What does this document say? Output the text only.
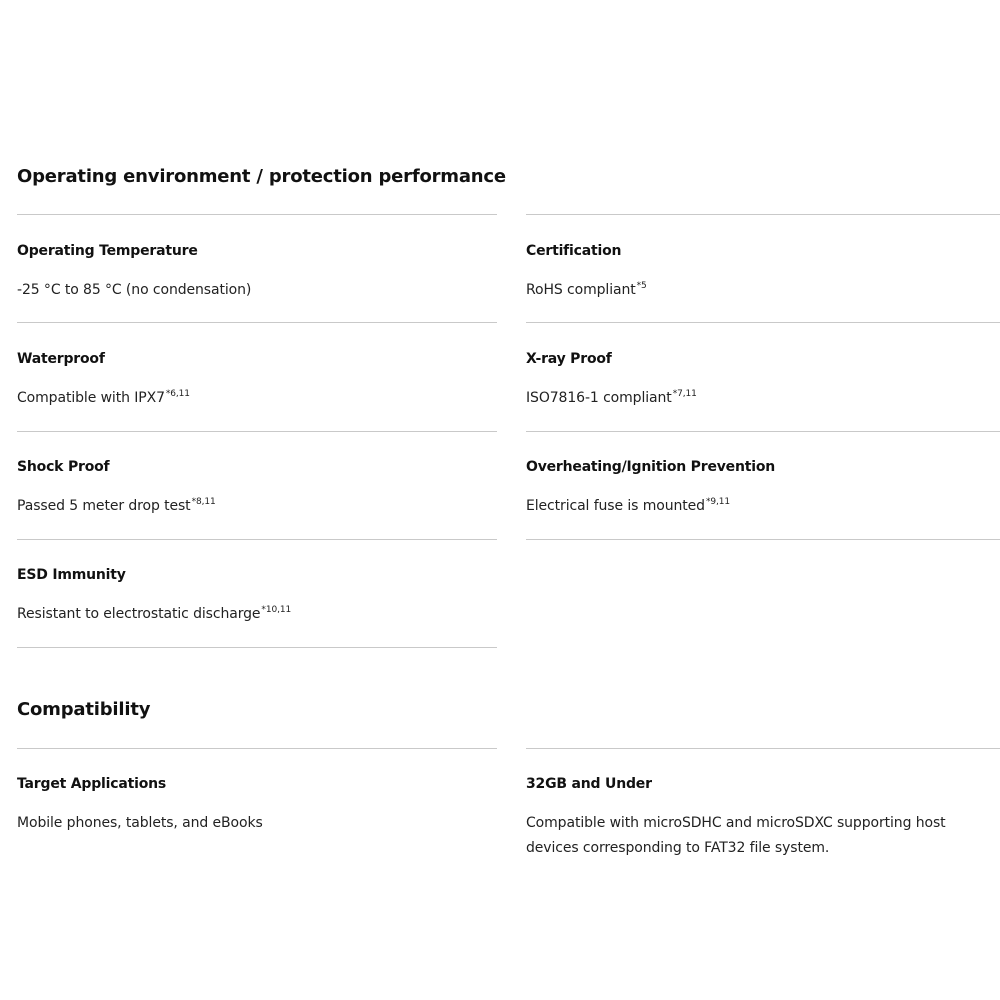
Operating environment / protection performance
Operating Temperature
-25 °C to 85 °C (no condensation)
Certification
RoHS compliant$^{*5}$
Waterproof
Compatible with IPX7$^{*6,11}$
X-ray Proof
ISO7816-1 compliant$^{*7,11}$
Shock Proof
Passed 5 meter drop test$^{*8,11}$
Overheating/Ignition Prevention
Electrical fuse is mounted$^{*9,11}$
ESD Immunity
Resistant to electrostatic discharge$^{*10,11}$
Compatibility
Target Applications
Mobile phones, tablets, and eBooks
32GB and Under
Compatible with microSDHC and microSDXC supporting host devices corresponding to FAT32 file system.
